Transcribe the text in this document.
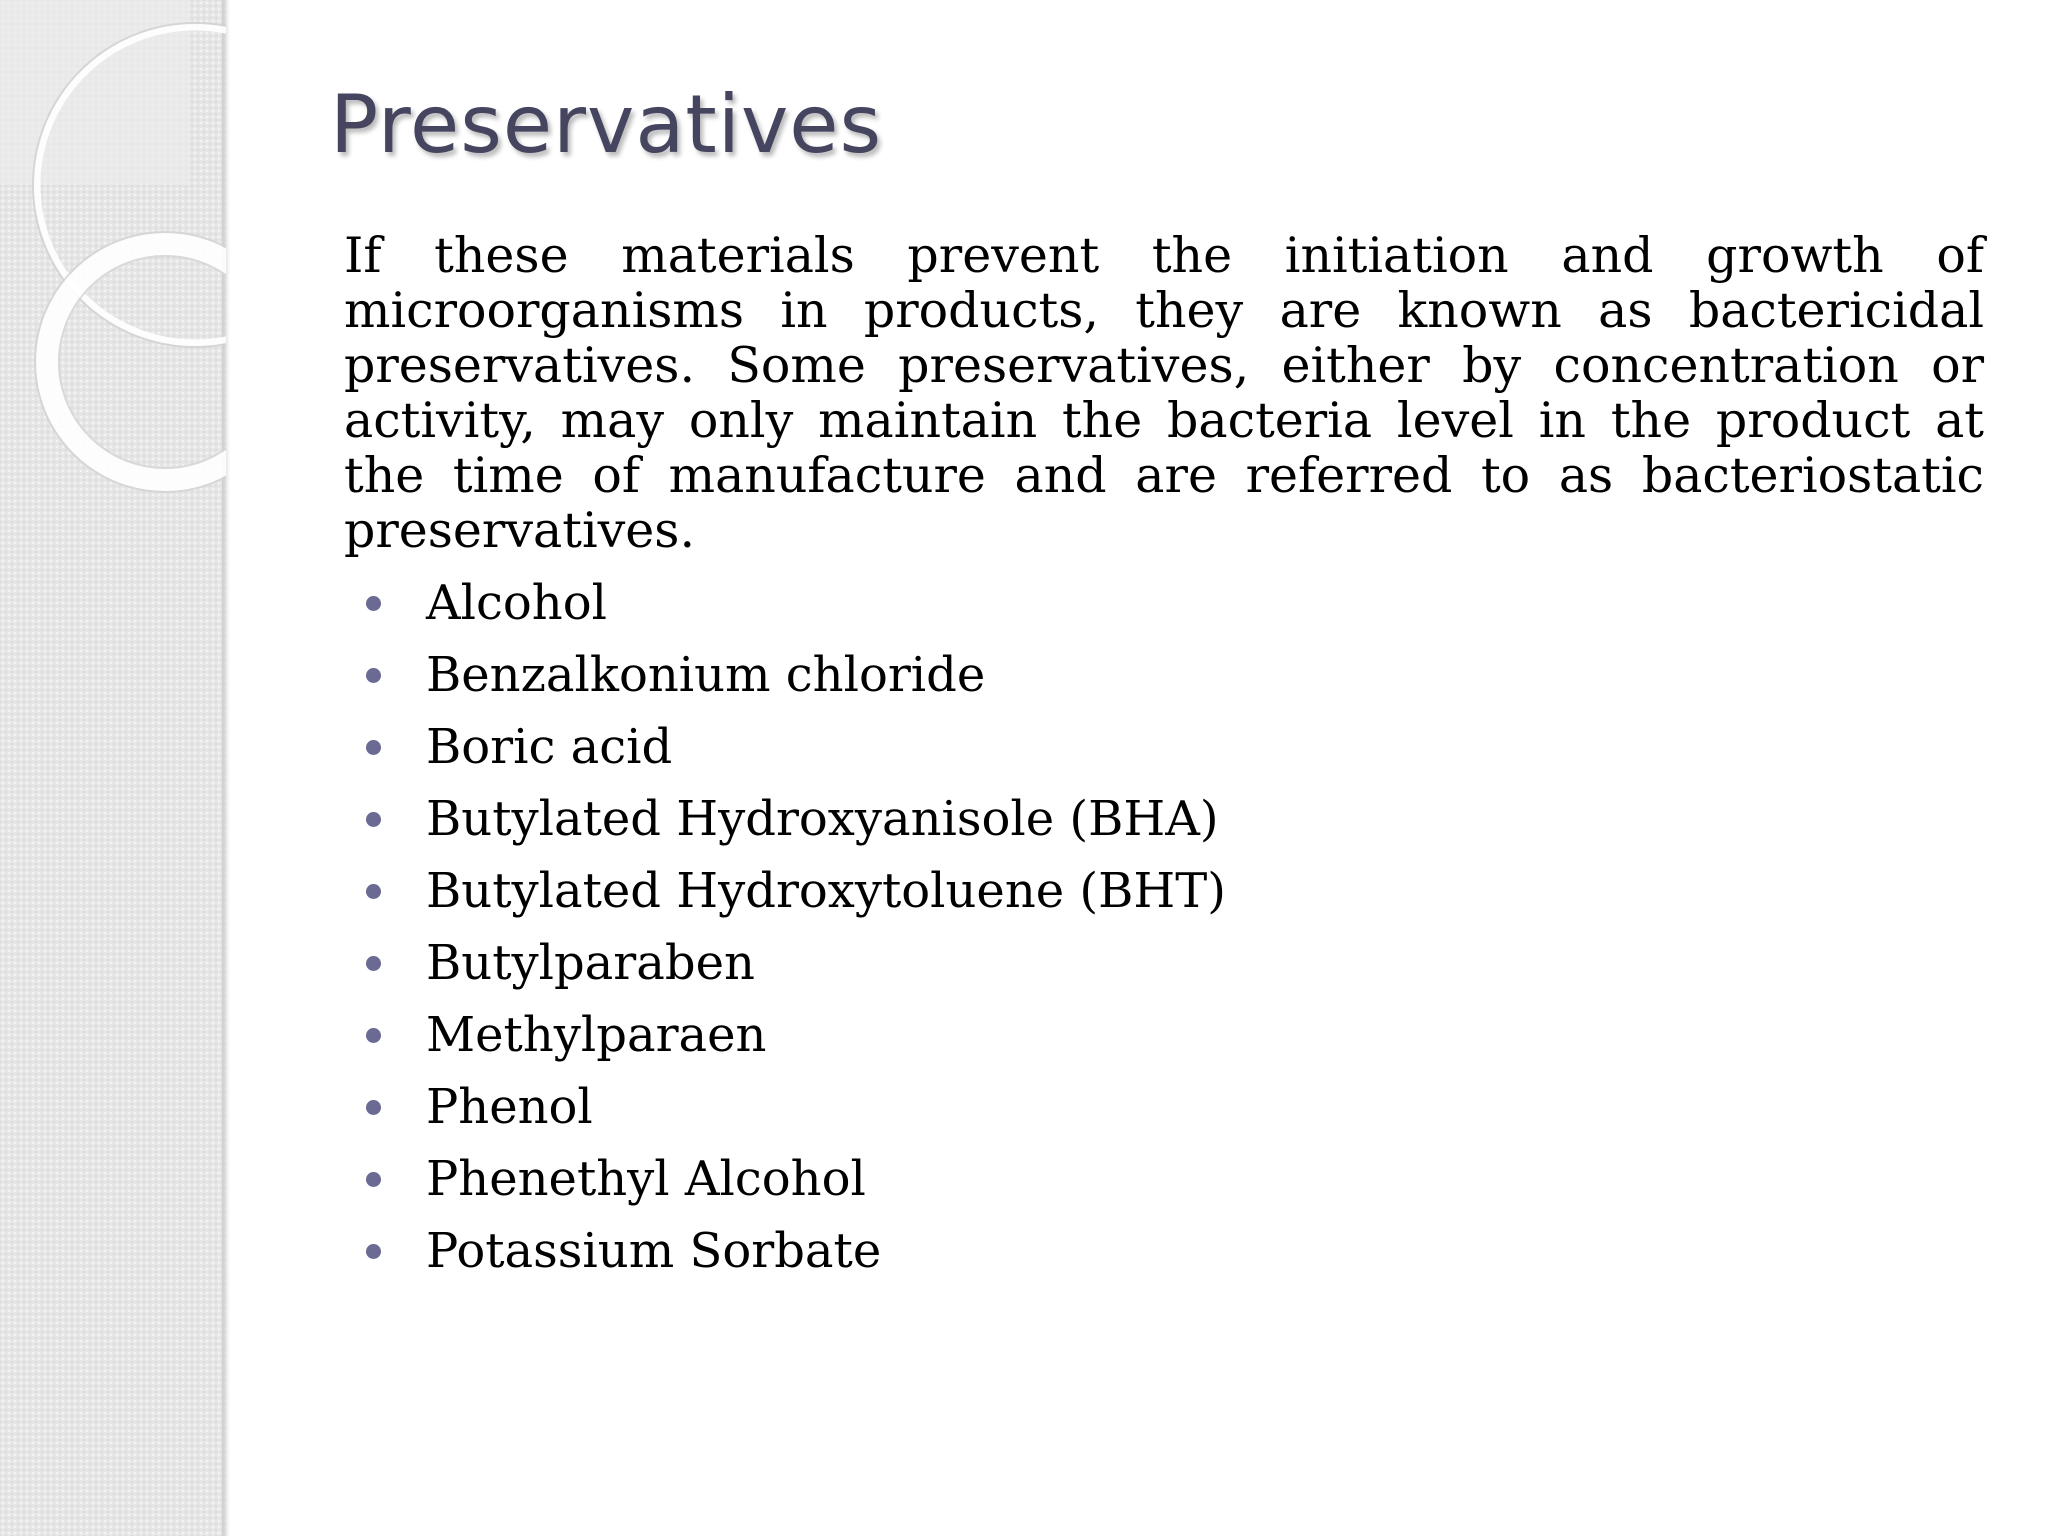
Preservatives

If these materials prevent the initiation and growth of microorganisms in products, they are known as bactericidal preservatives. Some preservatives, either by concentration or activity, may only maintain the bacteria level in the product at the time of manufacture and are referred to as bacteriostatic preservatives.

Alcohol
Benzalkonium chloride
Boric acid
Butylated Hydroxyanisole (BHA)
Butylated Hydroxytoluene (BHT)
Butylparaben
Methylparaen
Phenol
Phenethyl Alcohol
Potassium Sorbate
